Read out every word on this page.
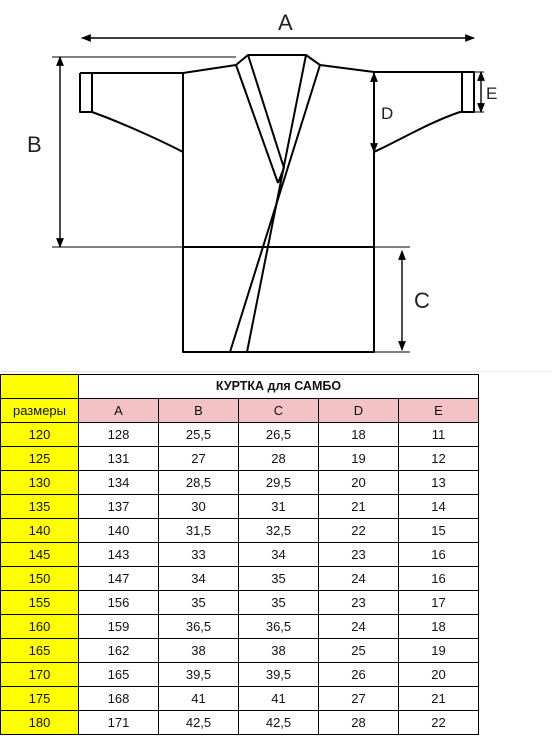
A
B
C
D
E
	КУРТКА для САМБО				
размеры	A	B	C	D	E
120	128	25,5	26,5	18	11
125	131	27	28	19	12
130	134	28,5	29,5	20	13
135	137	30	31	21	14
140	140	31,5	32,5	22	15
145	143	33	34	23	16
150	147	34	35	24	16
155	156	35	35	23	17
160	159	36,5	36,5	24	18
165	162	38	38	25	19
170	165	39,5	39,5	26	20
175	168	41	41	27	21
180	171	42,5	42,5	28	22
